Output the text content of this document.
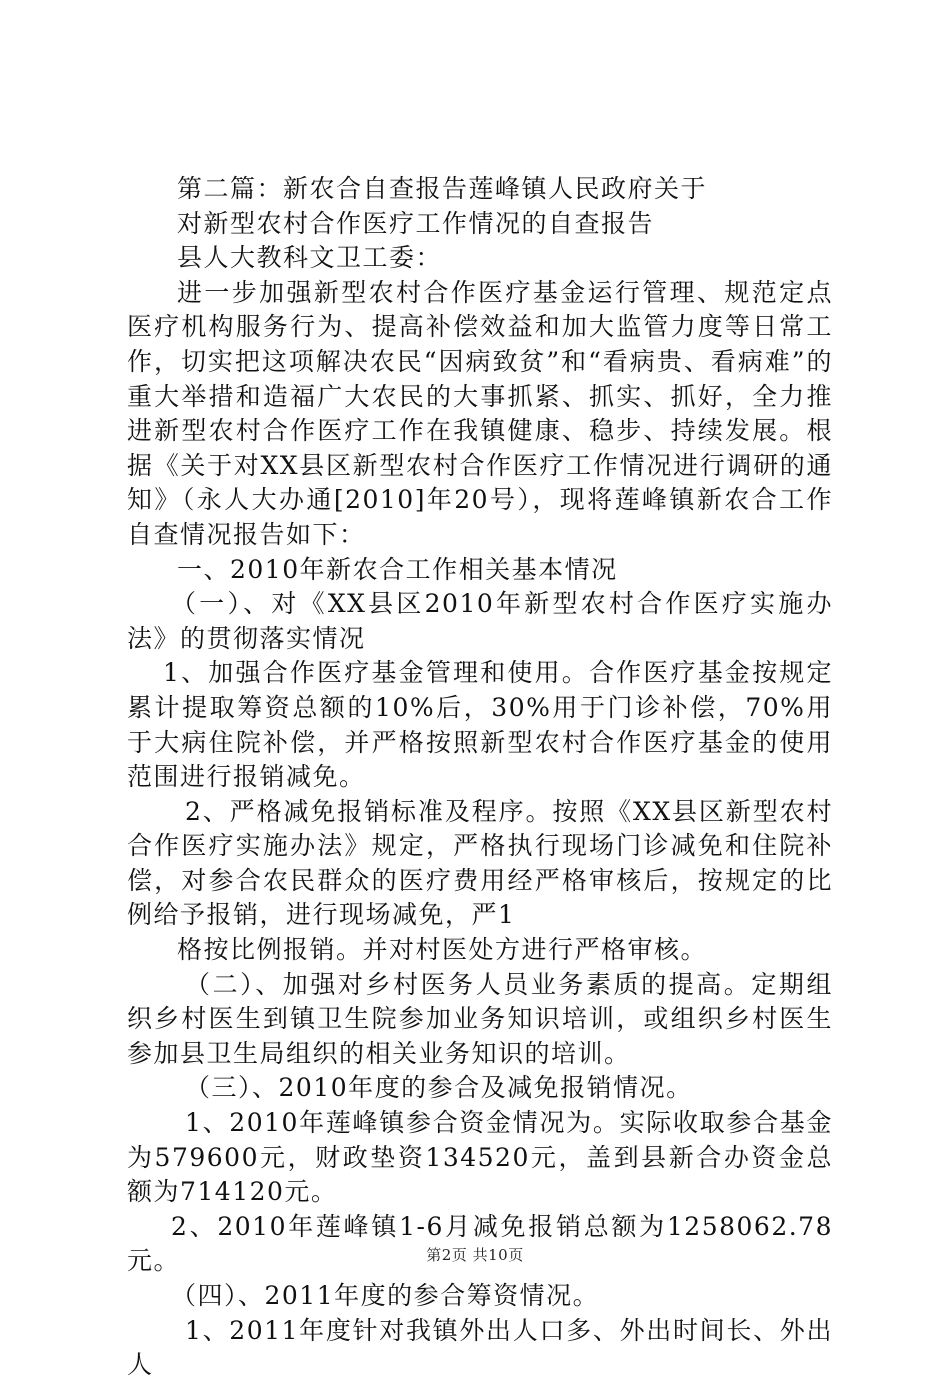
第二篇：新农合自查报告莲峰镇人民政府关于

对新型农村合作医疗工作情况的自查报告

县人大教科文卫工委：

进一步加强新型农村合作医疗基金运行管理、规范定点医疗机构服务行为、提高补偿效益和加大监管力度等日常工作，切实把这项解决农民“因病致贫”和“看病贵、看病难”的重大举措和造福广大农民的大事抓紧、抓实、抓好，全力推进新型农村合作医疗工作在我镇健康、稳步、持续发展。根据《关于对XX县区新型农村合作医疗工作情况进行调研的通知》（永人大办通[2010]年20号），现将莲峰镇新农合工作自查情况报告如下：

一、2010年新农合工作相关基本情况

（一）、对《XX县区2010年新型农村合作医疗实施办法》的贯彻落实情况

1、加强合作医疗基金管理和使用。合作医疗基金按规定累计提取筹资总额的10%后，30%用于门诊补偿，70%用于大病住院补偿，并严格按照新型农村合作医疗基金的使用范围进行报销减免。

2、严格减免报销标准及程序。按照《XX县区新型农村合作医疗实施办法》规定，严格执行现场门诊减免和住院补偿，对参合农民群众的医疗费用经严格审核后，按规定的比例给予报销，进行现场减免，严1

格按比例报销。并对村医处方进行严格审核。

（二）、加强对乡村医务人员业务素质的提高。定期组织乡村医生到镇卫生院参加业务知识培训，或组织乡村医生参加县卫生局组织的相关业务知识的培训。

（三）、2010年度的参合及减免报销情况。

1、2010年莲峰镇参合资金情况为。实际收取参合基金为579600元，财政垫资134520元，盖到县新合办资金总额为714120元。

2、2010年莲峰镇1-6月减免报销总额为1258062.78元。

（四）、2011年度的参合筹资情况。

1、2011年度针对我镇外出人口多、外出时间长、外出人

第2页 共10页
